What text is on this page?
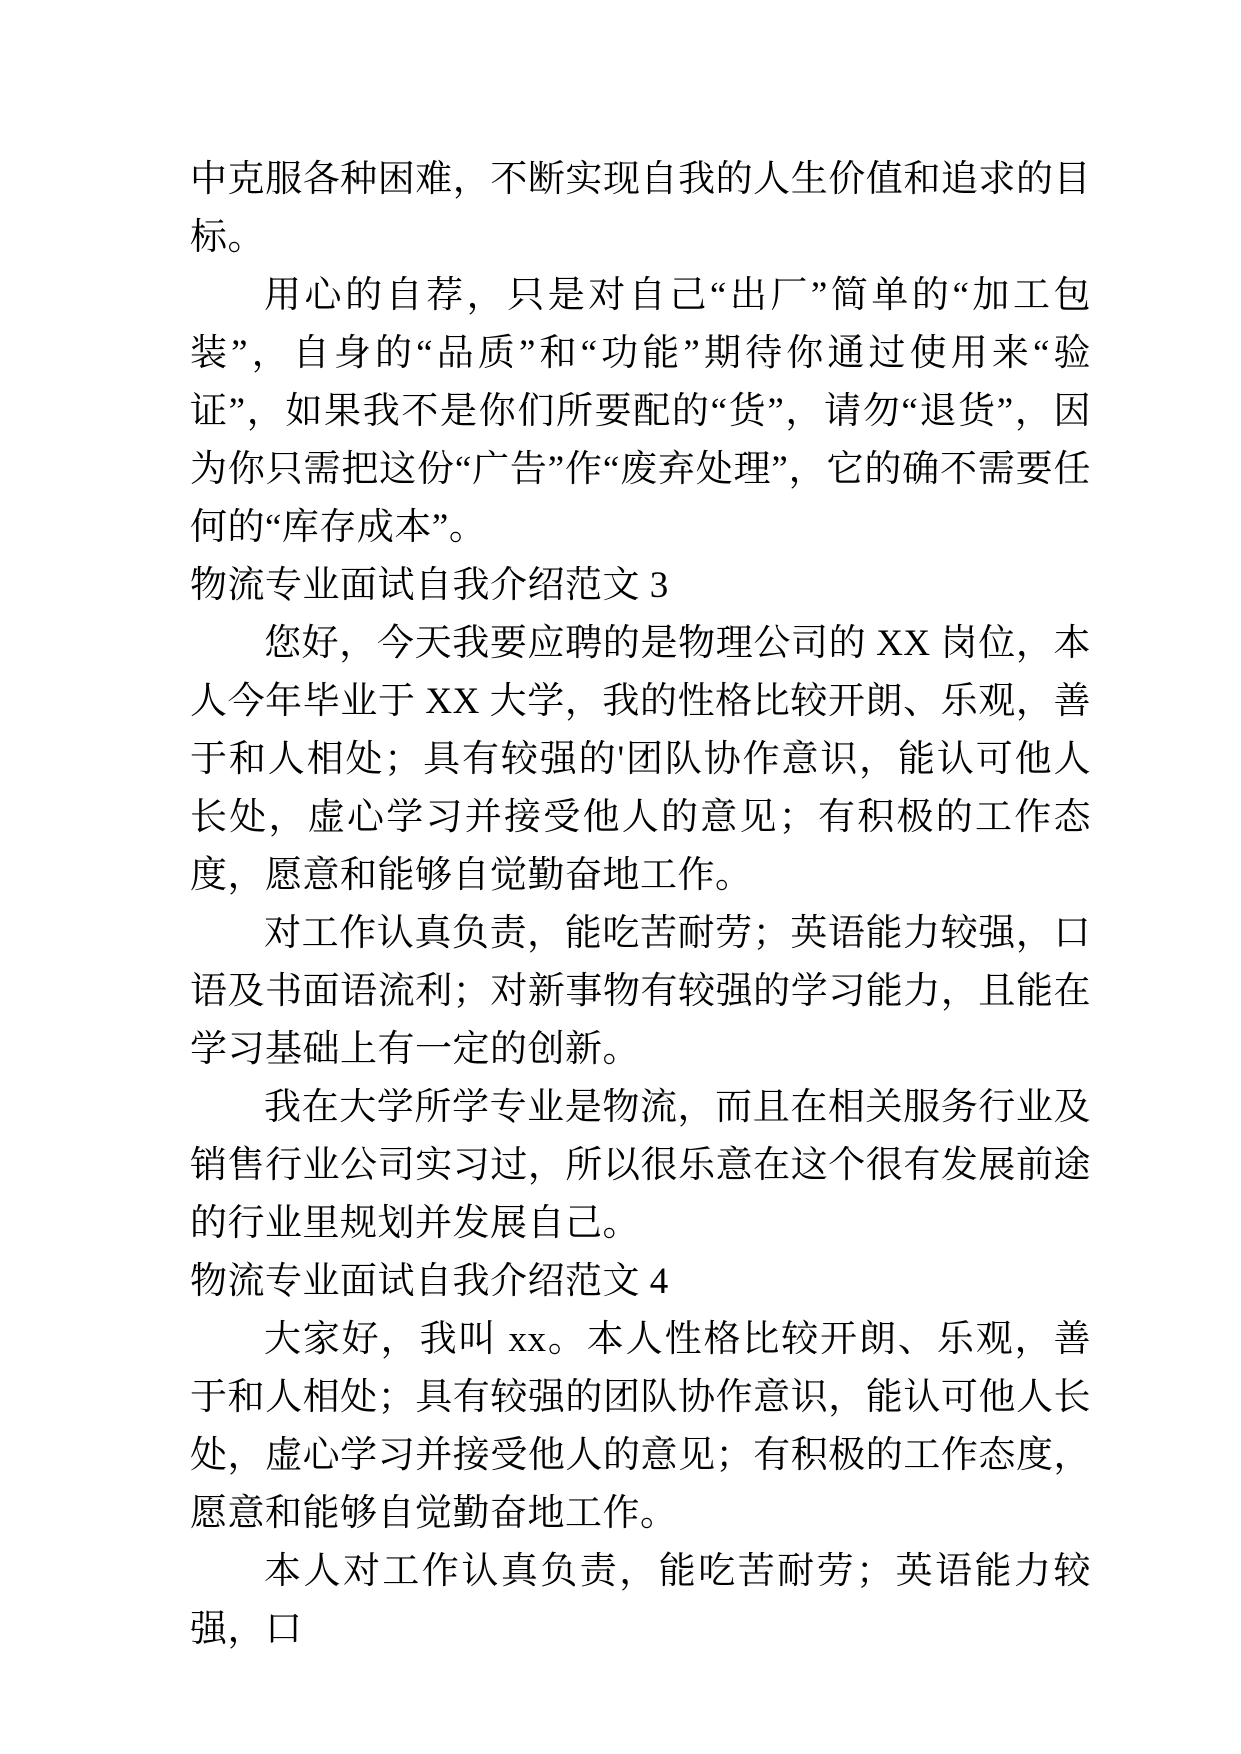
中克服各种困难，不断实现自我的人生价值和追求的目标。

用心的自荐，只是对自己“出厂”简单的“加工包装”，自身的“品质”和“功能”期待你通过使用来“验证”，如果我不是你们所要配的“货”，请勿“退货”，因为你只需把这份“广告”作“废弃处理”，它的确不需要任何的“库存成本”。

物流专业面试自我介绍范文 3

您好，今天我要应聘的是物理公司的 XX 岗位，本人今年毕业于 XX 大学，我的性格比较开朗、乐观，善于和人相处；具有较强的'团队协作意识，能认可他人长处，虚心学习并接受他人的意见；有积极的工作态度，愿意和能够自觉勤奋地工作。

对工作认真负责，能吃苦耐劳；英语能力较强，口语及书面语流利；对新事物有较强的学习能力，且能在学习基础上有一定的创新。

我在大学所学专业是物流，而且在相关服务行业及销售行业公司实习过，所以很乐意在这个很有发展前途的行业里规划并发展自己。

物流专业面试自我介绍范文 4

大家好，我叫 xx。本人性格比较开朗、乐观，善于和人相处；具有较强的团队协作意识，能认可他人长处，虚心学习并接受他人的意见；有积极的工作态度，愿意和能够自觉勤奋地工作。

本人对工作认真负责，能吃苦耐劳；英语能力较强，口
